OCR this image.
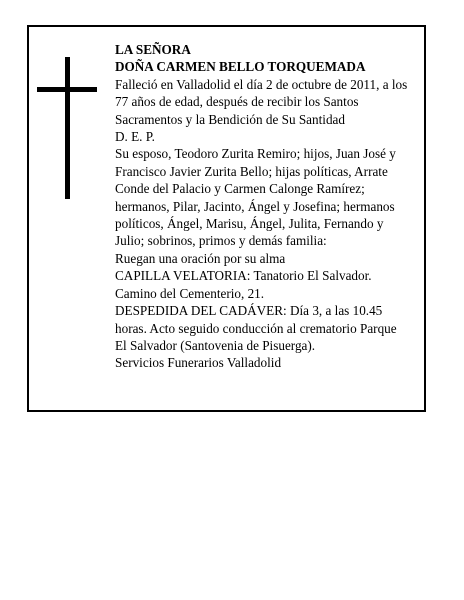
LA SEÑORA
DOÑA CARMEN BELLO TORQUEMADA
Falleció en Valladolid el día 2 de octubre de 2011, a los
77 años de edad, después de recibir los Santos
Sacramentos y la Bendición de Su Santidad
D. E. P.
Su esposo, Teodoro Zurita Remiro; hijos, Juan José y
Francisco Javier Zurita Bello; hijas políticas, Arrate
Conde del Palacio y Carmen Calonge Ramírez;
hermanos, Pilar, Jacinto, Ángel y Josefina; hermanos
políticos, Ángel, Marisu, Ángel, Julita, Fernando y
Julio; sobrinos, primos y demás familia:
Ruegan una oración por su alma
CAPILLA VELATORIA: Tanatorio El Salvador.
Camino del Cementerio, 21.
DESPEDIDA DEL CADÁVER: Día 3, a las 10.45
horas. Acto seguido conducción al crematorio Parque
El Salvador (Santovenia de Pisuerga).
Servicios Funerarios Valladolid
